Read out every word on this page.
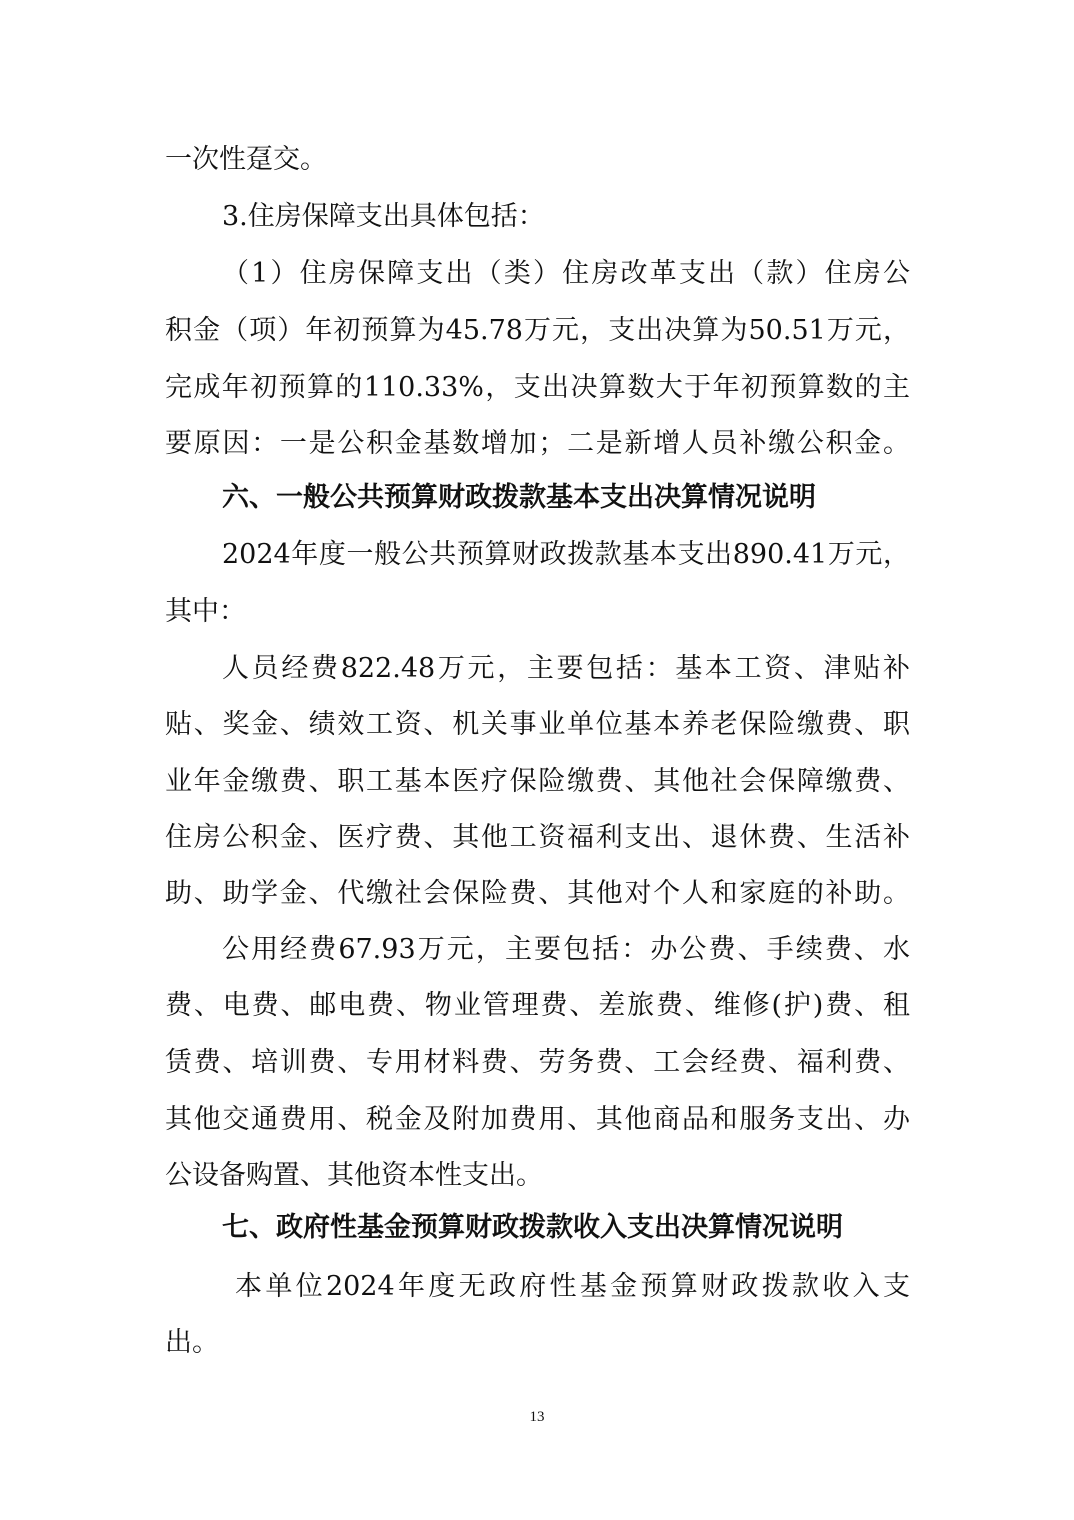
一次性趸交。
3.住房保障支出具体包括：
（1）住房保障支出（类）住房改革支出（款）住房公
积金（项）年初预算为45.78万元，支出决算为50.51万元，
完成年初预算的110.33%，支出决算数大于年初预算数的主
要原因：一是公积金基数增加；二是新增人员补缴公积金。
六、一般公共预算财政拨款基本支出决算情况说明
2024年度一般公共预算财政拨款基本支出890.41万元，
其中：
人员经费822.48万元，主要包括：基本工资、津贴补
贴、奖金、绩效工资、机关事业单位基本养老保险缴费、职
业年金缴费、职工基本医疗保险缴费、其他社会保障缴费、
住房公积金、医疗费、其他工资福利支出、退休费、生活补
助、助学金、代缴社会保险费、其他对个人和家庭的补助。
公用经费67.93万元，主要包括：办公费、手续费、水
费、电费、邮电费、物业管理费、差旅费、维修(护)费、租
赁费、培训费、专用材料费、劳务费、工会经费、福利费、
其他交通费用、税金及附加费用、其他商品和服务支出、办
公设备购置、其他资本性支出。
七、政府性基金预算财政拨款收入支出决算情况说明
本单位2024年度无政府性基金预算财政拨款收入支
出。
13
